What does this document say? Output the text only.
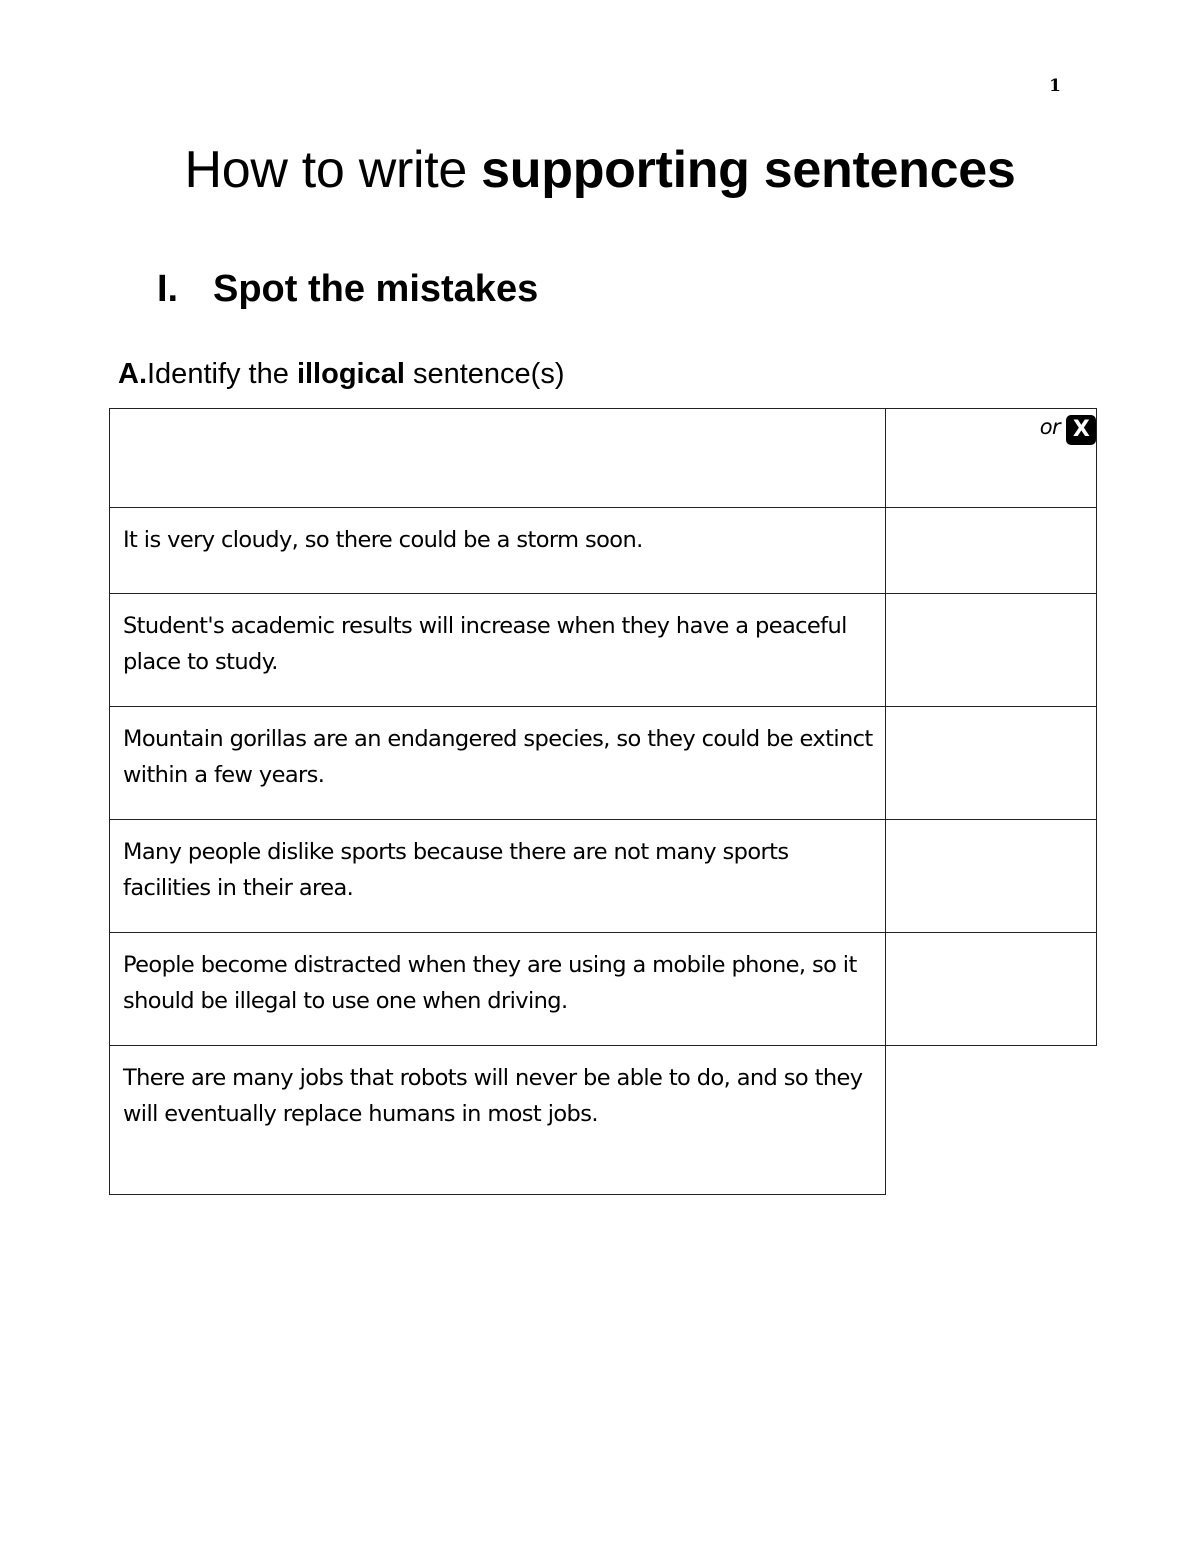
1
How to write supporting sentences
I. Spot the mistakes

A.Identify the illogical sentence(s)

	or X
It is very cloudy, so there could be a storm soon.	
Student's academic results will increase when they have a peaceful place to study.	
Mountain gorillas are an endangered species, so they could be extinct within a few years.	
Many people dislike sports because there are not many sports facilities in their area.	
People become distracted when they are using a mobile phone, so it should be illegal to use one when driving.	
There are many jobs that robots will never be able to do, and so they will eventually replace humans in most jobs.	
